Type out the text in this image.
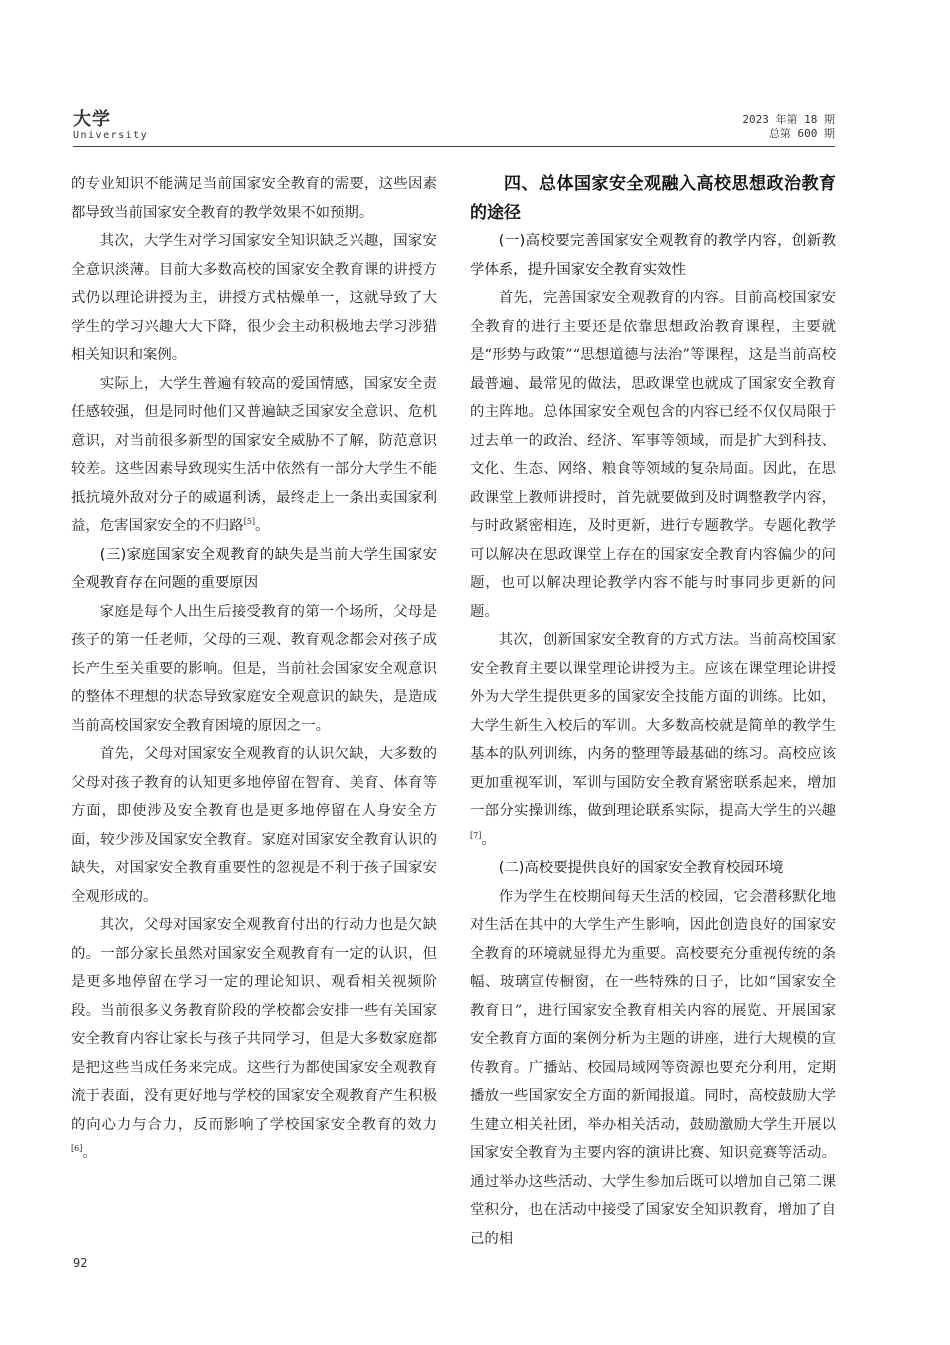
大学
University
2023 年第 18 期
总第 600 期

的专业知识不能满足当前国家安全教育的需要，这些因素都导致当前国家安全教育的教学效果不如预期。

其次，大学生对学习国家安全知识缺乏兴趣，国家安全意识淡薄。目前大多数高校的国家安全教育课的讲授方式仍以理论讲授为主，讲授方式枯燥单一，这就导致了大学生的学习兴趣大大下降，很少会主动积极地去学习涉猎相关知识和案例。

实际上，大学生普遍有较高的爱国情感，国家安全责任感较强，但是同时他们又普遍缺乏国家安全意识、危机意识，对当前很多新型的国家安全威胁不了解，防范意识较差。这些因素导致现实生活中依然有一部分大学生不能抵抗境外敌对分子的威逼利诱，最终走上一条出卖国家利益，危害国家安全的不归路[5]。

(三)家庭国家安全观教育的缺失是当前大学生国家安全观教育存在问题的重要原因

家庭是每个人出生后接受教育的第一个场所，父母是孩子的第一任老师，父母的三观、教育观念都会对孩子成长产生至关重要的影响。但是，当前社会国家安全观意识的整体不理想的状态导致家庭安全观意识的缺失，是造成当前高校国家安全教育困境的原因之一。

首先，父母对国家安全观教育的认识欠缺，大多数的父母对孩子教育的认知更多地停留在智育、美育、体育等方面，即使涉及安全教育也是更多地停留在人身安全方面，较少涉及国家安全教育。家庭对国家安全教育认识的缺失，对国家安全教育重要性的忽视是不利于孩子国家安全观形成的。

其次，父母对国家安全观教育付出的行动力也是欠缺的。一部分家长虽然对国家安全观教育有一定的认识，但是更多地停留在学习一定的理论知识、观看相关视频阶段。当前很多义务教育阶段的学校都会安排一些有关国家安全教育内容让家长与孩子共同学习，但是大多数家庭都是把这些当成任务来完成。这些行为都使国家安全观教育流于表面，没有更好地与学校的国家安全观教育产生积极的向心力与合力，反而影响了学校国家安全教育的效力[6]。

四、总体国家安全观融入高校思想政治教育的途径
(一)高校要完善国家安全观教育的教学内容，创新教学体系，提升国家安全教育实效性

首先，完善国家安全观教育的内容。目前高校国家安全教育的进行主要还是依靠思想政治教育课程，主要就是“形势与政策”“思想道德与法治”等课程，这是当前高校最普遍、最常见的做法，思政课堂也就成了国家安全教育的主阵地。总体国家安全观包含的内容已经不仅仅局限于过去单一的政治、经济、军事等领域，而是扩大到科技、文化、生态、网络、粮食等领域的复杂局面。因此，在思政课堂上教师讲授时，首先就要做到及时调整教学内容，与时政紧密相连，及时更新，进行专题教学。专题化教学可以解决在思政课堂上存在的国家安全教育内容偏少的问题，也可以解决理论教学内容不能与时事同步更新的问题。

其次，创新国家安全教育的方式方法。当前高校国家安全教育主要以课堂理论讲授为主。应该在课堂理论讲授外为大学生提供更多的国家安全技能方面的训练。比如，大学生新生入校后的军训。大多数高校就是简单的教学生基本的队列训练，内务的整理等最基础的练习。高校应该更加重视军训，军训与国防安全教育紧密联系起来，增加一部分实操训练，做到理论联系实际，提高大学生的兴趣[7]。

(二)高校要提供良好的国家安全教育校园环境

作为学生在校期间每天生活的校园，它会潜移默化地对生活在其中的大学生产生影响，因此创造良好的国家安全教育的环境就显得尤为重要。高校要充分重视传统的条幅、玻璃宣传橱窗，在一些特殊的日子，比如“国家安全教育日”，进行国家安全教育相关内容的展览、开展国家安全教育方面的案例分析为主题的讲座，进行大规模的宣传教育。广播站、校园局域网等资源也要充分利用，定期播放一些国家安全方面的新闻报道。同时，高校鼓励大学生建立相关社团，举办相关活动，鼓励激励大学生开展以国家安全教育为主要内容的演讲比赛、知识竞赛等活动。通过举办这些活动、大学生参加后既可以增加自己第二课堂积分，也在活动中接受了国家安全知识教育，增加了自己的相

92
